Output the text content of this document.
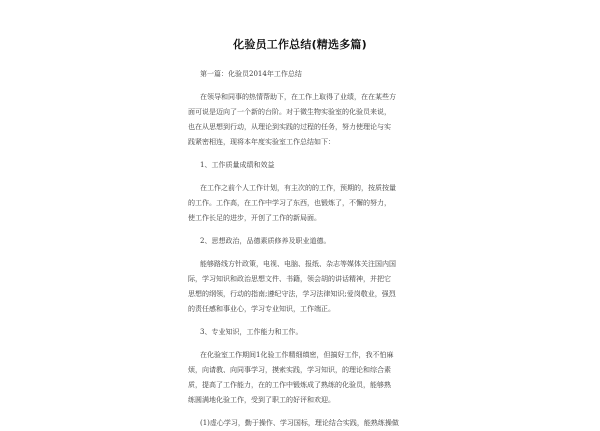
化验员工作总结(精选多篇)
第一篇：化验员2014年工作总结
在领导和同事的热情帮助下，在工作上取得了业绩，在在某些方
面可说是迈向了一个新的台阶。对于微生物实验室的化验员来说，
也在从思想到行动，从理论到实践的过程的任务，努力使理论与实
践紧密相连，现将本年度实验室工作总结如下：
1、工作质量成绩和效益
在工作之前个人工作计划，有主次的的工作，预期的，按质按量
的工作。工作高，在工作中学习了东西，也锻炼了，不懈的努力，
使工作长足的进步，开创了工作的新局面。
2、思想政治，品德素质修养及职业道德。
能够路线方针政策，电视、电脑、报纸、杂志等媒体关注国内国
际，学习知识和政治思想文件、书籍，领会胡的讲话精神，并把它
思想的纲领，行动的指南;遵纪守法，学习法律知识;爱岗敬业，强烈
的责任感和事业心，学习专业知识，工作端正。
3、专业知识，工作能力和工作。
在化验室工作期间1化验工作精细缜密，但搞好工作，我不怕麻
烦，向请教、向同事学习，摸索实践，学习知识，的理论和综合素
质，提高了工作能力，在的工作中锻炼成了熟练的化验员，能够熟
练圆满地化验工作，受到了职工的好评和欢迎。
(1)虚心学习，勤于操作、学习国标，理论结合实践，能熟练操做
